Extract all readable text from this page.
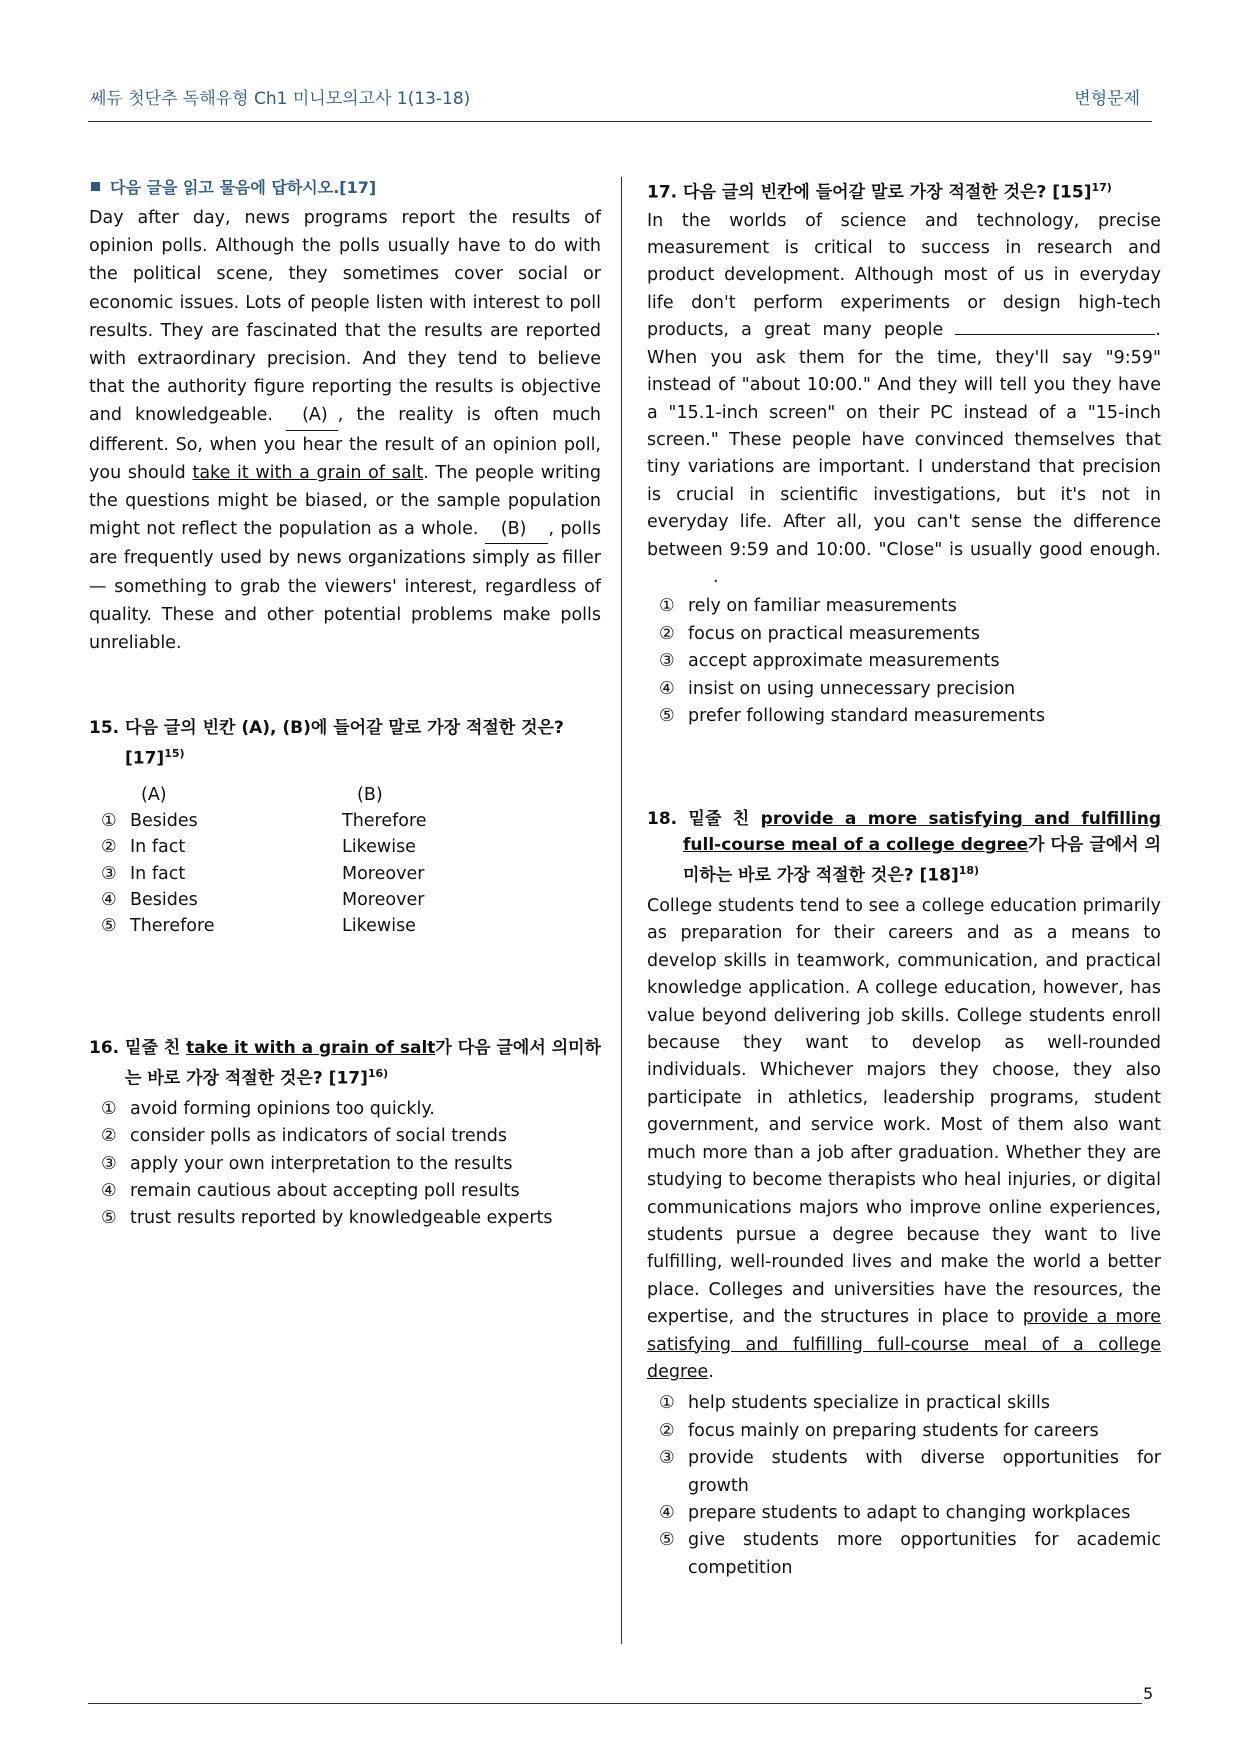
쎄듀 첫단추 독해유형 Ch1 미니모의고사 1(13-18)	변형문제
다음 글을 읽고 물음에 답하시오.[17]

Day after day, news programs report the results of opinion polls. Although the polls usually have to do with the political scene, they sometimes cover social or economic issues. Lots of people listen with interest to poll results. They are fascinated that the results are reported with extraordinary precision. And they tend to believe that the authority figure reporting the results is objective and knowledgeable. (A) , the reality is often much different. So, when you hear the result of an opinion poll, you should take it with a grain of salt. The people writing the questions might be biased, or the sample population might not reflect the population as a whole. (B) , polls are frequently used by news organizations simply as filler — something to grab the viewers' interest, regardless of quality. These and other potential problems make polls unreliable.

15. 다음 글의 빈칸 (A), (B)에 들어갈 말로 가장 적절한 것은? $[17]^{15)}$

(A)	(B)
① Besides	Therefore
② In fact	Likewise
③ In fact	Moreover
④ Besides	Moreover
⑤ Therefore	Likewise

16. 밑줄 친 take it with a grain of salt가 다음 글에서 의미하는 바로 가장 적절한 것은? $[17]^{16)}$

① avoid forming opinions too quickly.
② consider polls as indicators of social trends
③ apply your own interpretation to the results
④ remain cautious about accepting poll results
⑤ trust results reported by knowledgeable experts

17. 다음 글의 빈칸에 들어갈 말로 가장 적절한 것은? $[15]^{17)}$

In the worlds of science and technology, precise measurement is critical to success in research and product development. Although most of us in everyday life don't perform experiments or design high-tech products, a great many people	. When you ask them for the time, they'll say "9:59" instead of "about 10:00." And they will tell you they have a "15.1-inch screen" on their PC instead of a "15-inch screen." These people have convinced themselves that tiny variations are important. I understand that precision is crucial in scientific investigations, but it's not in everyday life. After all, you can't sense the difference between 9:59 and 10:00. "Close" is usually good enough..

① rely on familiar measurements
② focus on practical measurements
③ accept approximate measurements
④ insist on using unnecessary precision
⑤ prefer following standard measurements

18. 밑줄 친 provide a more satisfying and fulfilling full-course meal of a college degree가 다음 글에서 의미하는 바로 가장 적절한 것은? $[18]^{18)}$

College students tend to see a college education primarily as preparation for their careers and as a means to develop skills in teamwork, communication, and practical knowledge application. A college education, however, has value beyond delivering job skills. College students enroll because they want to develop as well-rounded individuals. Whichever majors they choose, they also participate in athletics, leadership programs, student government, and service work. Most of them also want much more than a job after graduation. Whether they are studying to become therapists who heal injuries, or digital communications majors who improve online experiences, students pursue a degree because they want to live fulfilling, well-rounded lives and make the world a better place. Colleges and universities have the resources, the expertise, and the structures in place to provide a more satisfying and fulfilling full-course meal of a college degree.

① help students specialize in practical skills
② focus mainly on preparing students for careers
③ provide students with diverse opportunities for growth
④ prepare students to adapt to changing workplaces
⑤ give students more opportunities for academic competition
5
